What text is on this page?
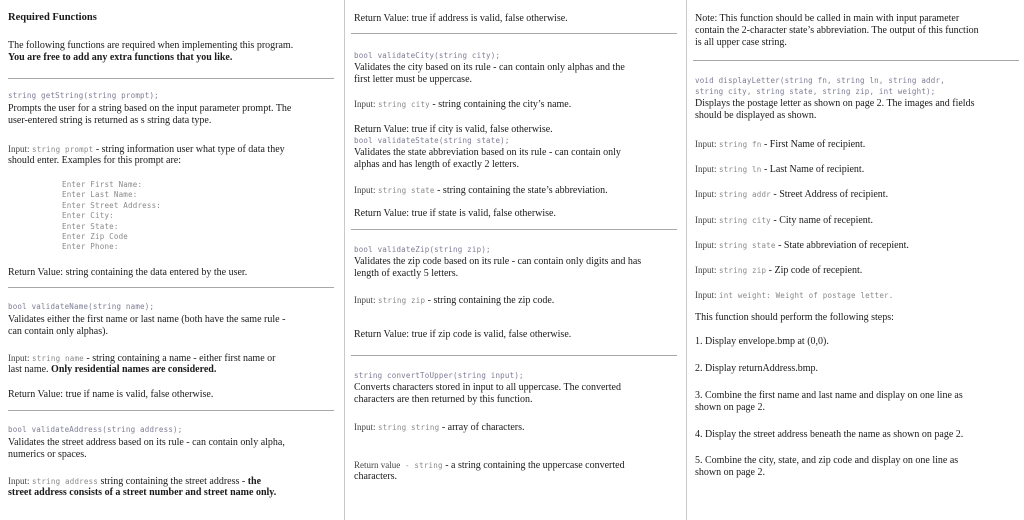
Required Functions
The following functions are required when implementing this program.
You are free to add any extra functions that you like.
string getString(string prompt);
Prompts the user for a string based on the input parameter prompt. The
user-entered string is returned as s string data type.
Input: string prompt - string information user what type of data they
should enter. Examples for this prompt are:
Enter First Name:
Enter Last Name:
Enter Street Address:
Enter City:
Enter State:
Enter Zip Code
Enter Phone:
Return Value: string containing the data entered by the user.
bool validateName(string name);
Validates either the first name or last name (both have the same rule -
can contain only alphas).
Input: string name - string containing a name - either first name or
last name. Only residential names are considered.
Return Value: true if name is valid, false otherwise.
bool validateAddress(string address);
Validates the street address based on its rule - can contain only alpha,
numerics or spaces.
Input: string address string containing the street address - the
street address consists of a street number and street name only.
Return Value: true if address is valid, false otherwise.
bool validateCity(string city);
Validates the city based on its rule - can contain only alphas and the
first letter must be uppercase.
Input: string city - string containing the city’s name.
Return Value: true if city is valid, false otherwise.
bool validateState(string state);
Validates the state abbreviation based on its rule - can contain only
alphas and has length of exactly 2 letters.
Input: string state - string containing the state’s abbreviation.
Return Value: true if state is valid, false otherwise.
bool validateZip(string zip);
Validates the zip code based on its rule - can contain only digits and has
length of exactly 5 letters.
Input: string zip - string containing the zip code.
Return Value: true if zip code is valid, false otherwise.
string convertToUpper(string input);
Converts characters stored in input to all uppercase. The converted
characters are then returned by this function.
Input: string string - array of characters.
Return value - string - a string containing the uppercase converted
characters.
Note: This function should be called in main with input parameter
contain the 2-character state’s abbreviation. The output of this function
is all upper case string.
void displayLetter(string fn, string ln, string addr,
string city, string state, string zip, int weight);
Displays the postage letter as shown on page 2. The images and fields
should be displayed as shown.
Input: string fn - First Name of recipient.
Input: string ln - Last Name of recipient.
Input: string addr - Street Address of recipient.
Input: string city - City name of recepient.
Input: string state - State abbreviation of recepient.
Input: string zip - Zip code of recepient.
Input: int weight: Weight of postage letter.
This function should perform the following steps:
1. Display envelope.bmp at (0,0).
2. Display returnAddress.bmp.
3. Combine the first name and last name and display on one line as
shown on page 2.
4. Display the street address beneath the name as shown on page 2.
5. Combine the city, state, and zip code and display on one line as
shown on page 2.
